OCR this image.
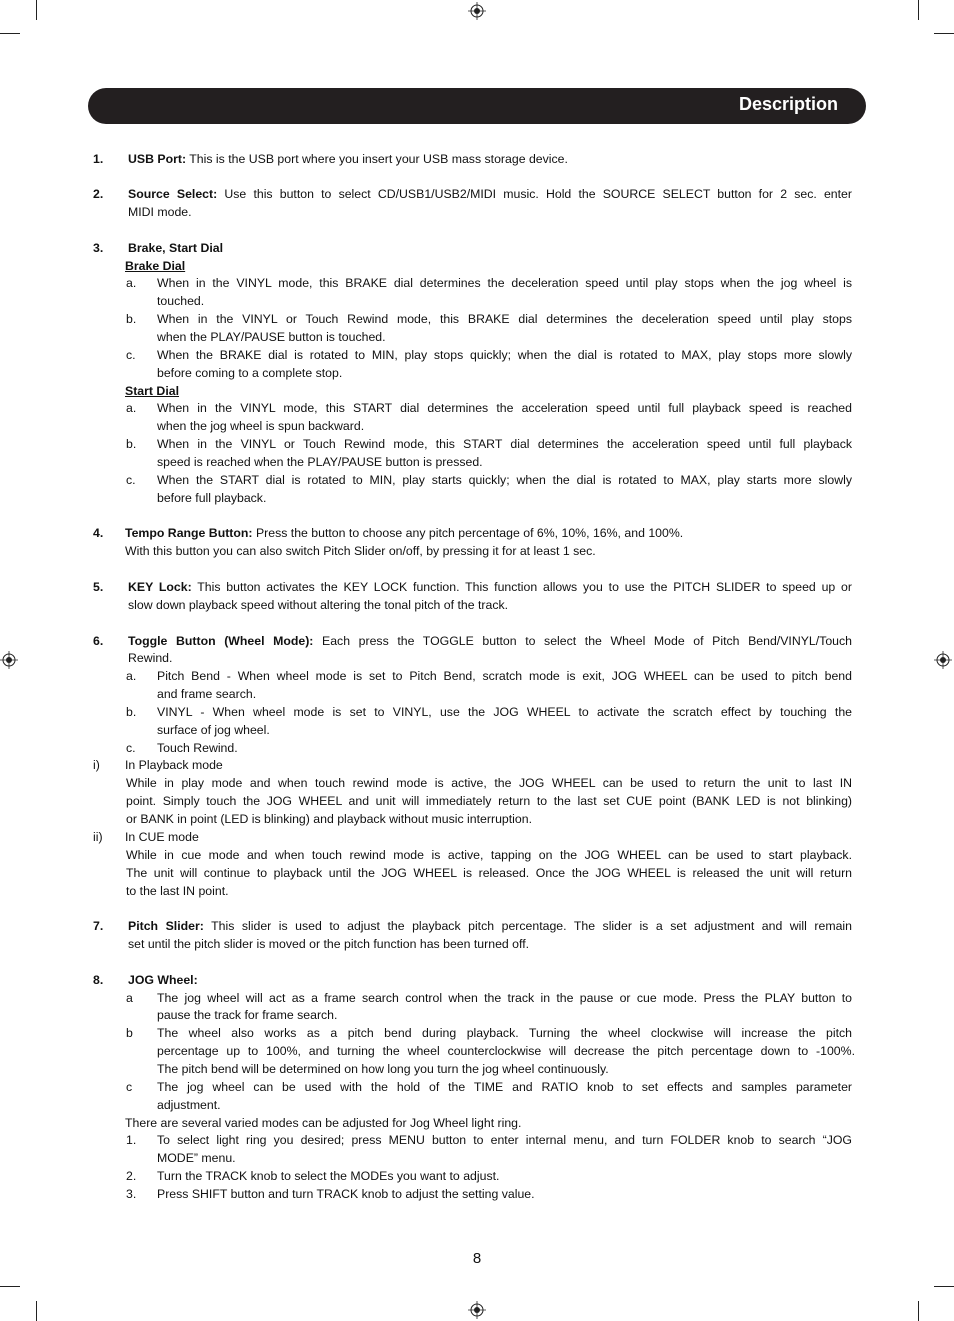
Description
1. USB Port: This is the USB port where you insert your USB mass storage device.
2. Source Select: Use this button to select CD/USB1/USB2/MIDI music. Hold the SOURCE SELECT button for 2 sec. enter
MIDI mode.
3. Brake, Start Dial
Brake Dial
a. When in the VINYL mode, this BRAKE dial determines the deceleration speed until play stops when the jog wheel is
touched.
b. When in the VINYL or Touch Rewind mode, this BRAKE dial determines the deceleration speed until play stops
when the PLAY/PAUSE button is touched.
c. When the BRAKE dial is rotated to MIN, play stops quickly; when the dial is rotated to MAX, play stops more slowly
before coming to a complete stop.
Start Dial
a. When in the VINYL mode, this START dial determines the acceleration speed until full playback speed is reached
when the jog wheel is spun backward.
b. When in the VINYL or Touch Rewind mode, this START dial determines the acceleration speed until full playback
speed is reached when the PLAY/PAUSE button is pressed.
c. When the START dial is rotated to MIN, play starts quickly; when the dial is rotated to MAX, play starts more slowly
before full playback.
4. Tempo Range Button: Press the button to choose any pitch percentage of 6%, 10%, 16%, and 100%.
With this button you can also switch Pitch Slider on/off, by pressing it for at least 1 sec.
5. KEY Lock: This button activates the KEY LOCK function. This function allows you to use the PITCH SLIDER to speed up or
slow down playback speed without altering the tonal pitch of the track.
6. Toggle Button (Wheel Mode): Each press the TOGGLE button to select the Wheel Mode of Pitch Bend/VINYL/Touch
Rewind.
a. Pitch Bend - When wheel mode is set to Pitch Bend, scratch mode is exit, JOG WHEEL can be used to pitch bend
and frame search.
b. VINYL - When wheel mode is set to VINYL, use the JOG WHEEL to activate the scratch effect by touching the
surface of jog wheel.
c. Touch Rewind.
i) In Playback mode
While in play mode and when touch rewind mode is active, the JOG WHEEL can be used to return the unit to last IN
point. Simply touch the JOG WHEEL and unit will immediately return to the last set CUE point (BANK LED is not blinking)
or BANK in point (LED is blinking) and playback without music interruption.
ii) In CUE mode
While in cue mode and when touch rewind mode is active, tapping on the JOG WHEEL can be used to start playback.
The unit will continue to playback until the JOG WHEEL is released. Once the JOG WHEEL is released the unit will return
to the last IN point.
7. Pitch Slider: This slider is used to adjust the playback pitch percentage. The slider is a set adjustment and will remain
set until the pitch slider is moved or the pitch function has been turned off.
8. JOG Wheel:
a The jog wheel will act as a frame search control when the track in the pause or cue mode. Press the PLAY button to
pause the track for frame search.
b The wheel also works as a pitch bend during playback. Turning the wheel clockwise will increase the pitch
percentage up to 100%, and turning the wheel counterclockwise will decrease the pitch percentage down to -100%.
The pitch bend will be determined on how long you turn the jog wheel continuously.
c The jog wheel can be used with the hold of the TIME and RATIO knob to set effects and samples parameter
adjustment.
There are several varied modes can be adjusted for Jog Wheel light ring.
1. To select light ring you desired; press MENU button to enter internal menu, and turn FOLDER knob to search “JOG
MODE” menu.
2. Turn the TRACK knob to select the MODEs you want to adjust.
3. Press SHIFT button and turn TRACK knob to adjust the setting value.
8
